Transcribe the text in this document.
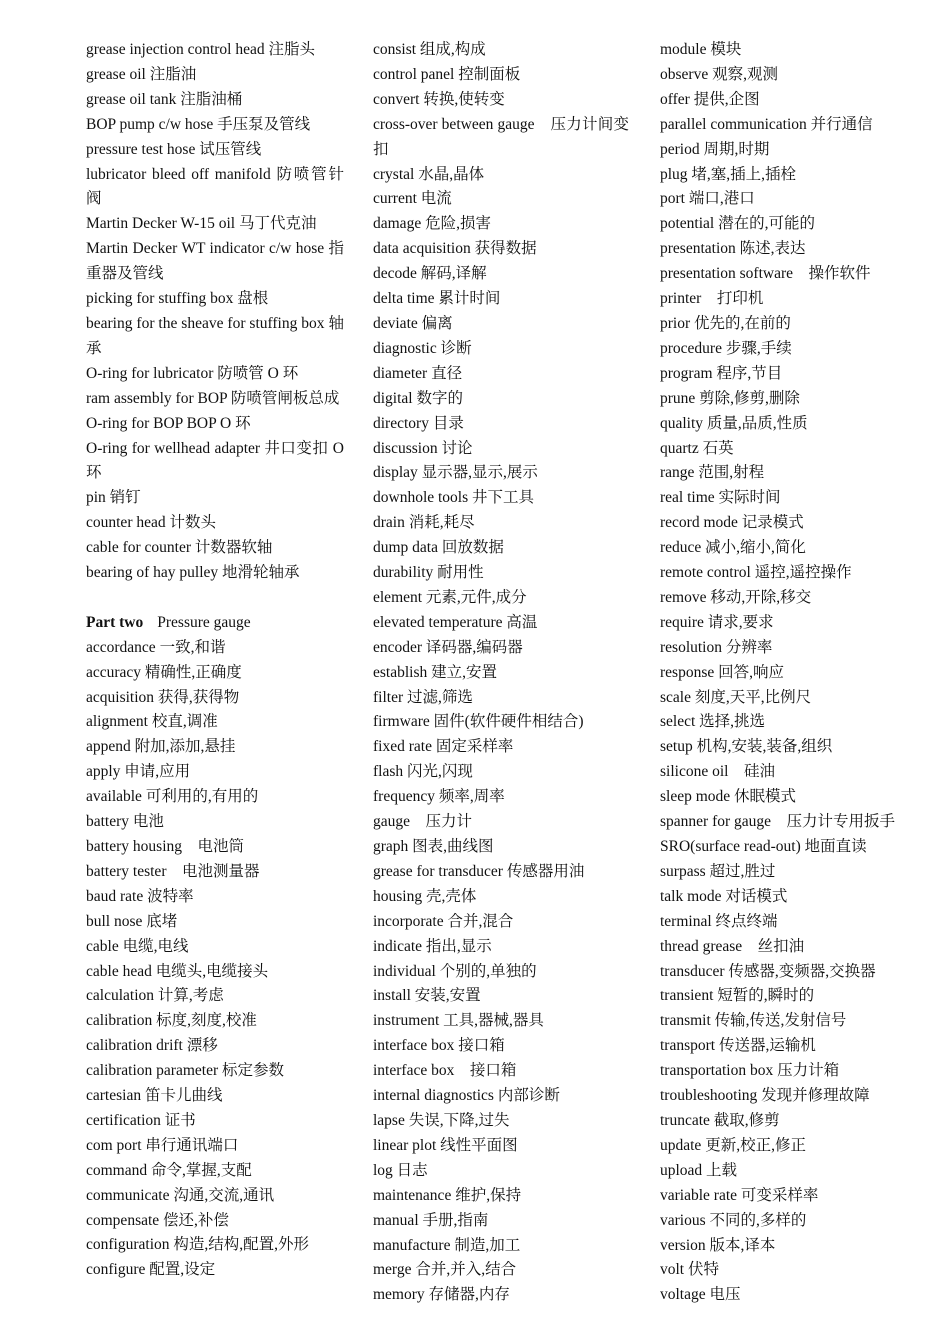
grease injection control head 注脂头

grease oil 注脂油

grease oil tank 注脂油桶

BOP pump c/w hose 手压泵及管线

pressure test hose 试压管线

lubricator bleed off manifold 防喷管针阀

Martin Decker W-15 oil 马丁代克油

Martin Decker WT indicator c/w hose 指重器及管线

picking for stuffing box 盘根

bearing for the sheave for stuffing box 轴承

O-ring for lubricator 防喷管 O 环

ram assembly for BOP 防喷管闸板总成

O-ring for BOP BOP O 环

O-ring for wellhead adapter 井口变扣 O 环

pin 销钉

counter head 计数头

cable for counter 计数器软轴

bearing of hay pulley 地滑轮轴承

Part two Pressure gauge

accordance 一致,和谐

accuracy 精确性,正确度

acquisition 获得,获得物

alignment 校直,调准

append 附加,添加,悬挂

apply 申请,应用

available 可利用的,有用的

battery 电池

battery housing　电池筒

battery tester　电池测量器

baud rate 波特率

bull nose 底堵

cable 电缆,电线

cable head 电缆头,电缆接头

calculation 计算,考虑

calibration 标度,刻度,校准

calibration drift 漂移

calibration parameter 标定参数

cartesian 笛卡儿曲线

certification 证书

com port 串行通讯端口

command 命令,掌握,支配

communicate 沟通,交流,通讯

compensate 偿还,补偿

configuration 构造,结构,配置,外形

configure 配置,设定

consist 组成,构成

control panel 控制面板

convert 转换,使转变

cross-over between gauge　压力计间变扣

crystal 水晶,晶体

current 电流

damage 危险,损害

data acquisition 获得数据

decode 解码,译解

delta time 累计时间

deviate 偏离

diagnostic 诊断

diameter 直径

digital 数字的

directory 目录

discussion 讨论

display 显示器,显示,展示

downhole tools 井下工具

drain 消耗,耗尽

dump data 回放数据

durability 耐用性

element 元素,元件,成分

elevated temperature 高温

encoder 译码器,编码器

establish 建立,安置

filter 过滤,筛选

firmware 固件(软件硬件相结合)

fixed rate 固定采样率

flash 闪光,闪现

frequency 频率,周率

gauge　压力计

graph 图表,曲线图

grease for transducer 传感器用油

housing 壳,壳体

incorporate 合并,混合

indicate 指出,显示

individual 个别的,单独的

install 安装,安置

instrument 工具,器械,器具

interface box 接口箱

interface box　接口箱

internal diagnostics 内部诊断

lapse 失误,下降,过失

linear plot 线性平面图

log 日志

maintenance 维护,保持

manual 手册,指南

manufacture 制造,加工

merge 合并,并入,结合

memory 存储器,内存

module 模块

observe 观察,观测

offer 提供,企图

parallel communication 并行通信

period 周期,时期

plug 堵,塞,插上,插栓

port 端口,港口

potential 潜在的,可能的

presentation 陈述,表达

presentation software　操作软件

printer　打印机

prior 优先的,在前的

procedure 步骤,手续

program 程序,节目

prune 剪除,修剪,删除

quality 质量,品质,性质

quartz 石英

range 范围,射程

real time 实际时间

record mode 记录模式

reduce 减小,缩小,简化

remote control 遥控,遥控操作

remove 移动,开除,移交

require 请求,要求

resolution 分辨率

response 回答,响应

scale 刻度,天平,比例尺

select 选择,挑选

setup 机构,安装,装备,组织

silicone oil　硅油

sleep mode 休眠模式

spanner for gauge　压力计专用扳手

SRO(surface read-out) 地面直读

surpass 超过,胜过

talk mode 对话模式

terminal 终点终端

thread grease　丝扣油

transducer 传感器,变频器,交换器

transient 短暂的,瞬时的

transmit 传输,传送,发射信号

transport 传送器,运输机

transportation box 压力计箱

troubleshooting 发现并修理故障

truncate 截取,修剪

update 更新,校正,修正

upload 上载

variable rate 可变采样率

various 不同的,多样的

version 版本,译本

volt 伏特

voltage 电压
